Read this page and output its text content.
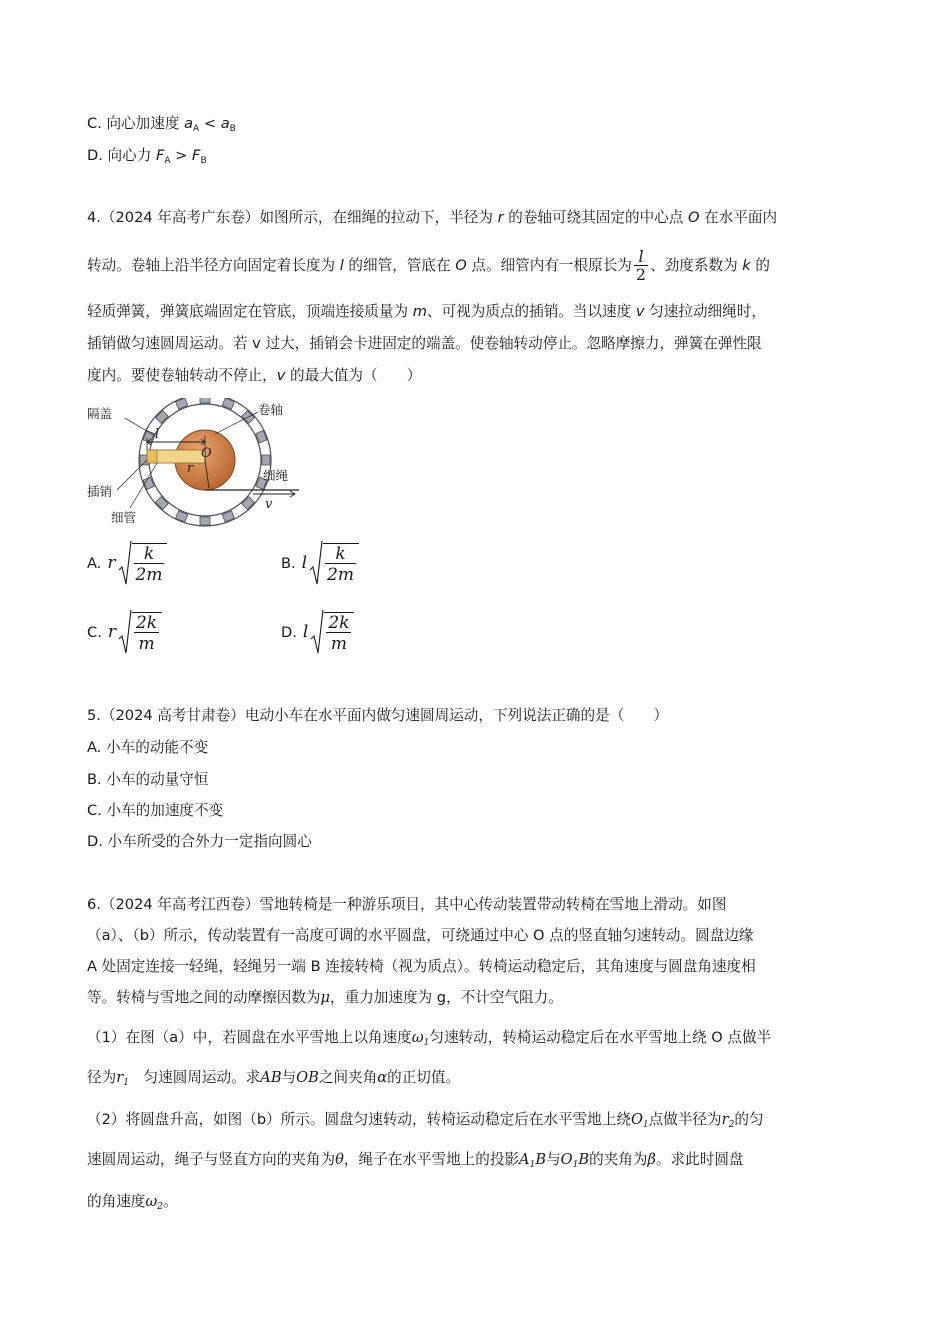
C. 向心加速度 $a_A < a_B$
D. 向心力 $F_A > F_B$
4.（2024 年高考广东卷）如图所示，在细绳的拉动下，半径为 r 的卷轴可绕其固定的中心点 O 在水平面内
转动。卷轴上沿半径方向固定着长度为 l 的细管，管底在 O 点。细管内有一根原长为 $\frac{l}{2}$ 、劲度系数为 k 的
轻质弹簧，弹簧底端固定在管底，顶端连接质量为 m、可视为质点的插销。当以速度 v 匀速拉动细绳时，
插销做匀速圆周运动。若 v 过大，插销会卡进固定的端盖。使卷轴转动停止。忽略摩擦力，弹簧在弹性限
度内。要使卷轴转动不停止，v 的最大值为（　　）
隔盖	卷轴
插销
细管
细绳
l
O
r
v
A. r $\frac{k}{2m}$	B. l $\frac{k}{2m}$
C. r $\frac{2k}{m}$	D. l $\frac{2k}{m}$
5.（2024 高考甘肃卷）电动小车在水平面内做匀速圆周运动，下列说法正确的是（　　）
A. 小车的动能不变
B. 小车的动量守恒
C. 小车的加速度不变
D. 小车所受的合外力一定指向圆心
6.（2024 年高考江西卷）雪地转椅是一种游乐项目，其中心传动装置带动转椅在雪地上滑动。如图
（a）、（b）所示，传动装置有一高度可调的水平圆盘，可绕通过中心 O 点的竖直轴匀速转动。圆盘边缘
A 处固定连接一轻绳，轻绳另一端 B 连接转椅（视为质点）。转椅运动稳定后，其角速度与圆盘角速度相
等。转椅与雪地之间的动摩擦因数为μ，重力加速度为 g，不计空气阻力。
（1）在图（a）中，若圆盘在水平雪地上以角速度$\omega_1$匀速转动，转椅运动稳定后在水平雪地上绕 O 点做半
径为$r_1$　匀速圆周运动。求AB与OB之间夹角α的正切值。
（2）将圆盘升高，如图（b）所示。圆盘匀速转动，转椅运动稳定后在水平雪地上绕$O_1$点做半径为$r_2$的匀
速圆周运动，绳子与竖直方向的夹角为θ，绳子在水平雪地上的投影$A_1B$与$O_1B$的夹角为β。求此时圆盘
的角速度$\omega_2$。
